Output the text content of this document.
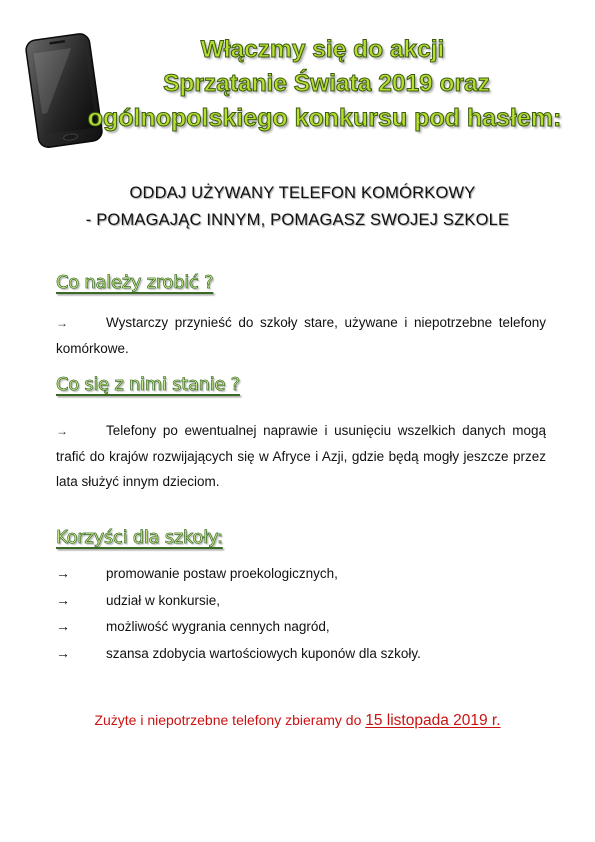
Włączmy się do akcji
Sprzątanie Świata 2019 oraz
ogólnopolskiego konkursu pod hasłem:
ODDAJ UŻYWANY TELEFON KOMÓRKOWY
- POMAGAJĄC INNYM, POMAGASZ SWOJEJ SZKOLE
Co należy zrobić ?
→	Wystarczy przynieść do szkoły stare, używane i niepotrzebne telefony komórkowe.
Co się z nimi stanie ?
→	Telefony po ewentualnej naprawie i usunięciu wszelkich danych mogą trafić do krajów rozwijających się w Afryce i Azji, gdzie będą mogły jeszcze przez lata służyć innym dzieciom.
Korzyści dla szkoły:
→	promowanie postaw proekologicznych,
→	udział w konkursie,
→	możliwość wygrania cennych nagród,
→	szansa zdobycia wartościowych kuponów dla szkoły.
Zużyte i niepotrzebne telefony zbieramy do 15 listopada 2019 r.
